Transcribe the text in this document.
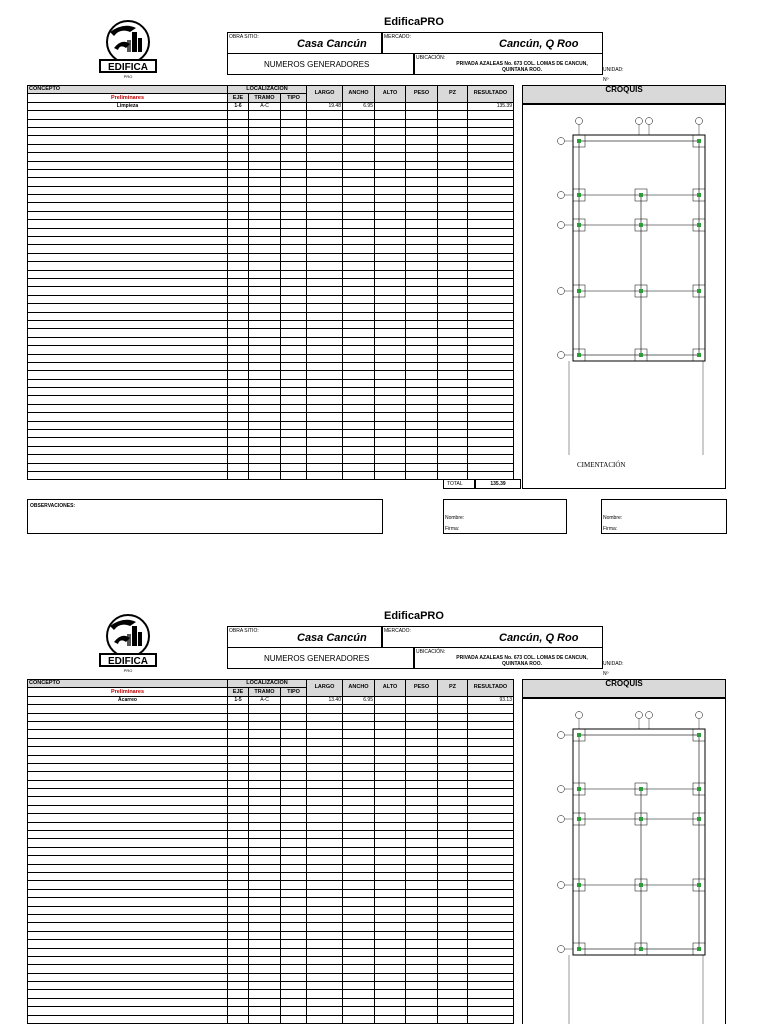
EdificaPRO
EDIFICA
PRO
OBRA SITIO:
Casa Cancún
MERCADO:
Cancún, Q Roo
NUMEROS GENERADORES
UBICACIÓN:
PRIVADA AZALEAS No. 673 COL. LOMAS DE CANCUN, QUINTANA ROO.	UNIDAD:
Nº
CONCEPTO	LOCALIZACION			LARGO	ANCHO	ALTO	PESO	PZ	RESULTADO
Preliminares	EJE	TRAMO	TIPO						
Limpieza	1-6	A-C		19.48	6.95				135.39

CROQUIS
CIMENTACIÓN
TOTAL	135.39
OBSERVACIONES:
Nombre:
Firma:
Nombre:
Firma:
EdificaPRO
EDIFICA
PRO
OBRA SITIO:
Casa Cancún
MERCADO:
Cancún, Q Roo
NUMEROS GENERADORES
UBICACIÓN:
PRIVADA AZALEAS No. 673 COL. LOMAS DE CANCUN, QUINTANA ROO.	UNIDAD:
Nº
CONCEPTO	LOCALIZACION			LARGO	ANCHO	ALTO	PESO	PZ	RESULTADO
Preliminares	EJE	TRAMO	TIPO						
Acarreo	1-5	A-C		13.40	6.95				93.13

CROQUIS
